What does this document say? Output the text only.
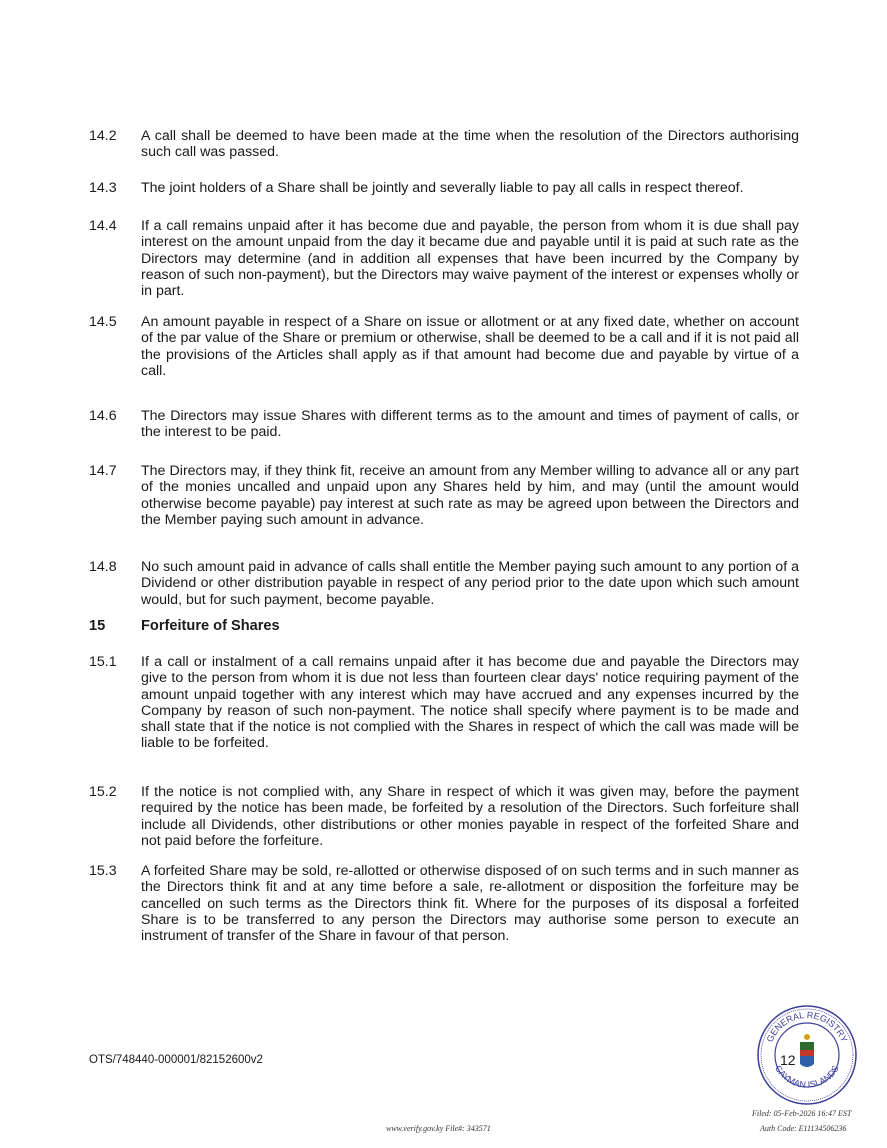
14.2 A call shall be deemed to have been made at the time when the resolution of the Directors authorising such call was passed.
14.3 The joint holders of a Share shall be jointly and severally liable to pay all calls in respect thereof.
14.4 If a call remains unpaid after it has become due and payable, the person from whom it is due shall pay interest on the amount unpaid from the day it became due and payable until it is paid at such rate as the Directors may determine (and in addition all expenses that have been incurred by the Company by reason of such non-payment), but the Directors may waive payment of the interest or expenses wholly or in part.
14.5 An amount payable in respect of a Share on issue or allotment or at any fixed date, whether on account of the par value of the Share or premium or otherwise, shall be deemed to be a call and if it is not paid all the provisions of the Articles shall apply as if that amount had become due and payable by virtue of a call.
14.6 The Directors may issue Shares with different terms as to the amount and times of payment of calls, or the interest to be paid.
14.7 The Directors may, if they think fit, receive an amount from any Member willing to advance all or any part of the monies uncalled and unpaid upon any Shares held by him, and may (until the amount would otherwise become payable) pay interest at such rate as may be agreed upon between the Directors and the Member paying such amount in advance.
14.8 No such amount paid in advance of calls shall entitle the Member paying such amount to any portion of a Dividend or other distribution payable in respect of any period prior to the date upon which such amount would, but for such payment, become payable.
15 Forfeiture of Shares
15.1 If a call or instalment of a call remains unpaid after it has become due and payable the Directors may give to the person from whom it is due not less than fourteen clear days' notice requiring payment of the amount unpaid together with any interest which may have accrued and any expenses incurred by the Company by reason of such non-payment. The notice shall specify where payment is to be made and shall state that if the notice is not complied with the Shares in respect of which the call was made will be liable to be forfeited.
15.2 If the notice is not complied with, any Share in respect of which it was given may, before the payment required by the notice has been made, be forfeited by a resolution of the Directors. Such forfeiture shall include all Dividends, other distributions or other monies payable in respect of the forfeited Share and not paid before the forfeiture.
15.3 A forfeited Share may be sold, re-allotted or otherwise disposed of on such terms and in such manner as the Directors think fit and at any time before a sale, re-allotment or disposition the forfeiture may be cancelled on such terms as the Directors think fit. Where for the purposes of its disposal a forfeited Share is to be transferred to any person the Directors may authorise some person to execute an instrument of transfer of the Share in favour of that person.
OTS/748440-000001/82152600v2	12
GENERAL REGISTRY
CAYMAN ISLANDS
Filed: 05-Feb-2026 16:47 EST
Auth Code: E11134506236
www.verify.gov.ky File#: 343571
